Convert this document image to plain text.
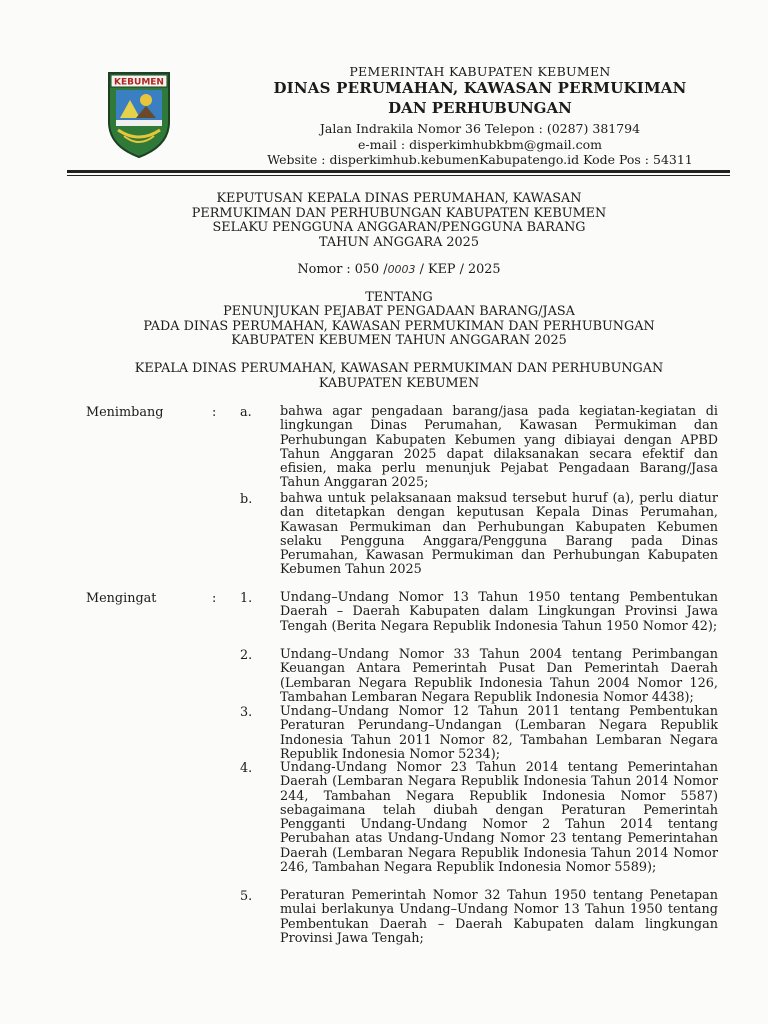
KEBUMEN
PEMERINTAH KABUPATEN KEBUMEN
DINAS PERUMAHAN, KAWASAN PERMUKIMAN
DAN PERHUBUNGAN
Jalan Indrakila Nomor 36 Telepon : (0287) 381794
e-mail : disperkimhubkbm@gmail.com
Website : disperkimhub.kebumenKabupatengo.id Kode Pos : 54311
KEPUTUSAN KEPALA DINAS PERUMAHAN, KAWASAN
PERMUKIMAN DAN PERHUBUNGAN KABUPATEN KEBUMEN
SELAKU PENGGUNA ANGGARAN/PENGGUNA BARANG
TAHUN ANGGARA 2025
Nomor : 050 /0003 / KEP / 2025
TENTANG
PENUNJUKAN PEJABAT PENGADAAN BARANG/JASA
PADA DINAS PERUMAHAN, KAWASAN PERMUKIMAN DAN PERHUBUNGAN
KABUPATEN KEBUMEN TAHUN ANGGARAN 2025
KEPALA DINAS PERUMAHAN, KAWASAN PERMUKIMAN DAN PERHUBUNGAN
KABUPATEN KEBUMEN
Menimbang	: a. bahwa agar pengadaan barang/jasa pada kegiatan-kegiatan di lingkungan Dinas Perumahan, Kawasan Permukiman dan Perhubungan Kabupaten Kebumen yang dibiayai dengan APBD Tahun Anggaran 2025 dapat dilaksanakan secara efektif dan efisien, maka perlu menunjuk Pejabat Pengadaan Barang/Jasa Tahun Anggaran 2025;
b. bahwa untuk pelaksanaan maksud tersebut huruf (a), perlu diatur dan ditetapkan dengan keputusan Kepala Dinas Perumahan, Kawasan Permukiman dan Perhubungan Kabupaten Kebumen selaku Pengguna Anggara/Pengguna Barang pada Dinas Perumahan, Kawasan Permukiman dan Perhubungan Kabupaten Kebumen Tahun 2025
Mengingat	: 1. Undang–Undang Nomor 13 Tahun 1950 tentang Pembentukan Daerah – Daerah Kabupaten dalam Lingkungan Provinsi Jawa Tengah (Berita Negara Republik Indonesia Tahun 1950 Nomor 42);
2. Undang–Undang Nomor 33 Tahun 2004 tentang Perimbangan Keuangan Antara Pemerintah Pusat Dan Pemerintah Daerah (Lembaran Negara Republik Indonesia Tahun 2004 Nomor 126, Tambahan Lembaran Negara Republik Indonesia Nomor 4438);
3. Undang–Undang Nomor 12 Tahun 2011 tentang Pembentukan Peraturan Perundang–Undangan (Lembaran Negara Republik Indonesia Tahun 2011 Nomor 82, Tambahan Lembaran Negara Republik Indonesia Nomor 5234);
4. Undang-Undang Nomor 23 Tahun 2014 tentang Pemerintahan Daerah (Lembaran Negara Republik Indonesia Tahun 2014 Nomor 244, Tambahan Negara Republik Indonesia Nomor 5587) sebagaimana telah diubah dengan Peraturan Pemerintah Pengganti Undang-Undang Nomor 2 Tahun 2014 tentang Perubahan atas Undang-Undang Nomor 23 tentang Pemerintahan Daerah (Lembaran Negara Republik Indonesia Tahun 2014 Nomor 246, Tambahan Negara Republik Indonesia Nomor 5589);
5. Peraturan Pemerintah Nomor 32 Tahun 1950 tentang Penetapan mulai berlakunya Undang–Undang Nomor 13 Tahun 1950 tentang Pembentukan Daerah – Daerah Kabupaten dalam lingkungan Provinsi Jawa Tengah;
